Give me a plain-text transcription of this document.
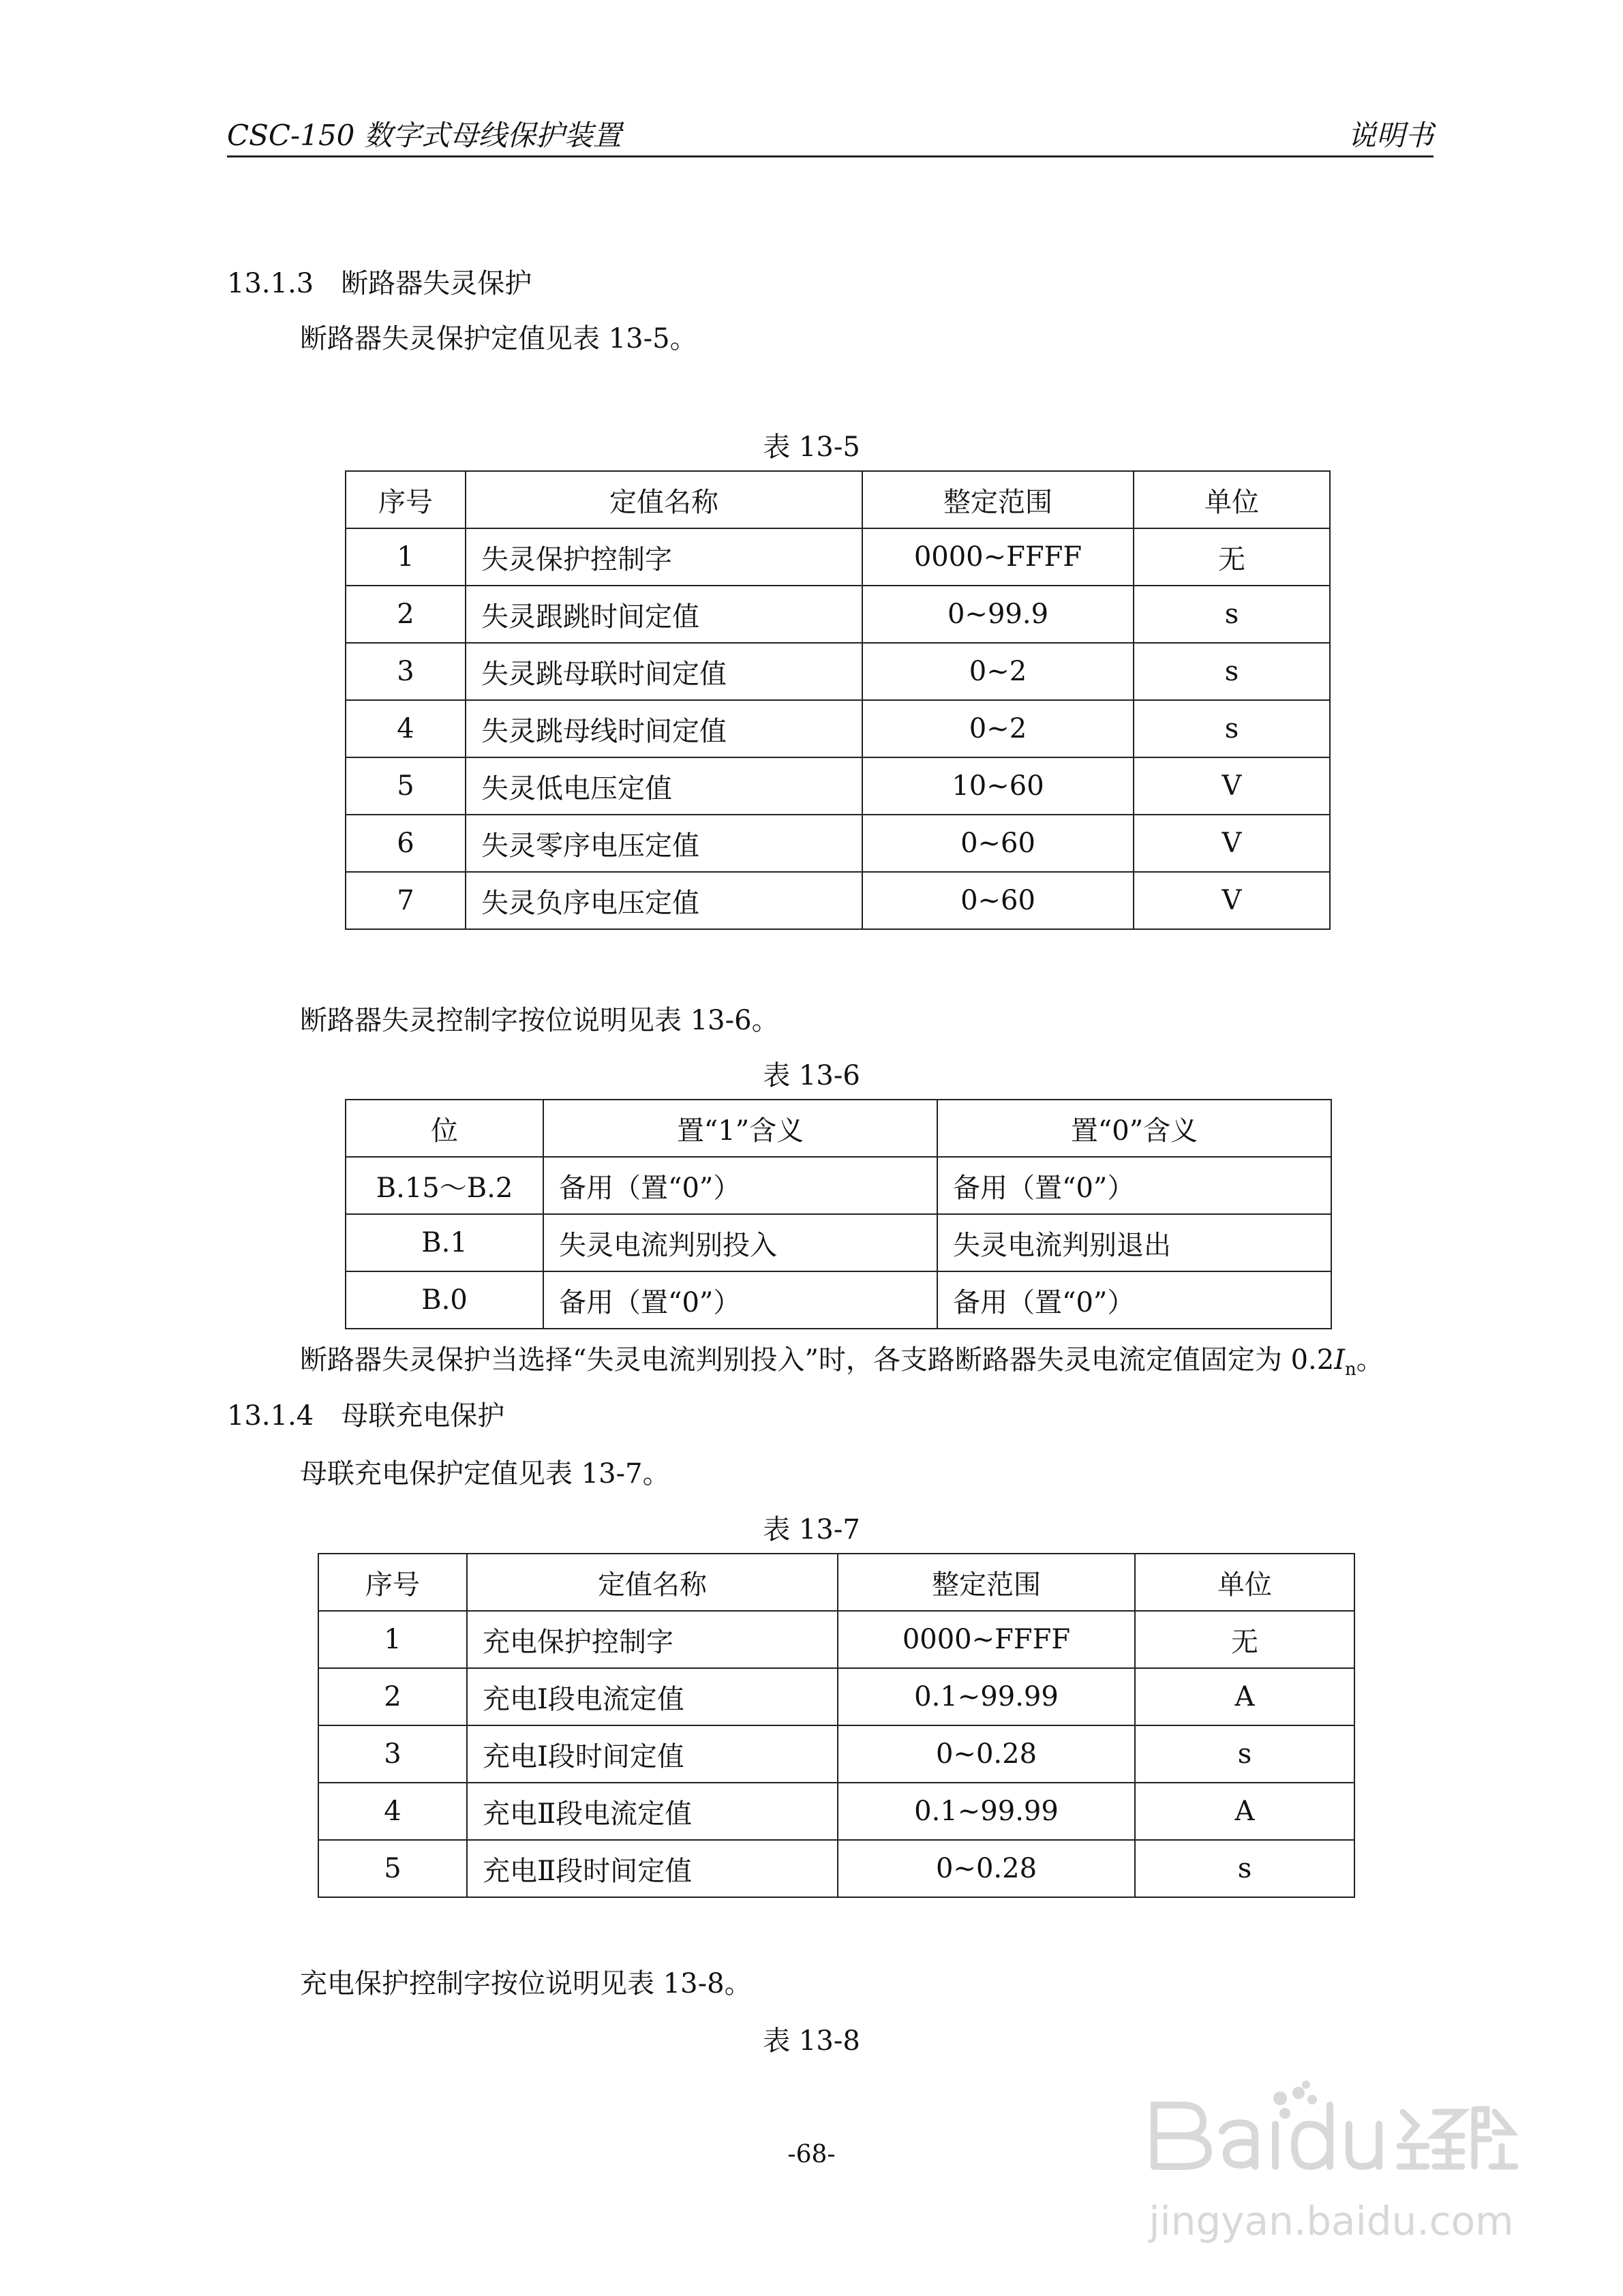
CSC-150 数字式母线保护装置	说明书
13.1.3　断路器失灵保护
断路器失灵保护定值见表 13-5。
表 13-5
序号	定值名称	整定范围	单位
1	失灵保护控制字	0000~FFFF	无
2	失灵跟跳时间定值	0~99.9	s
3	失灵跳母联时间定值	0~2	s
4	失灵跳母线时间定值	0~2	s
5	失灵低电压定值	10~60	V
6	失灵零序电压定值	0~60	V
7	失灵负序电压定值	0~60	V
断路器失灵控制字按位说明见表 13-6。
表 13-6
位	置“1”含义	置“0”含义
B.15～B.2	备用（置“0”）	备用（置“0”）
B.1	失灵电流判别投入	失灵电流判别退出
B.0	备用（置“0”）	备用（置“0”）
断路器失灵保护当选择“失灵电流判别投入”时，各支路断路器失灵电流定值固定为 $0.2I_n$。
13.1.4　母联充电保护
母联充电保护定值见表 13-7。
表 13-7
序号	定值名称	整定范围	单位
1	充电保护控制字	0000~FFFF	无
2	充电Ⅰ段电流定值	0.1~99.99	A
3	充电Ⅰ段时间定值	0~0.28	s
4	充电Ⅱ段电流定值	0.1~99.99	A
5	充电Ⅱ段时间定值	0~0.28	s
充电保护控制字按位说明见表 13-8。
表 13-8
-68-
jingyan.baidu.com
